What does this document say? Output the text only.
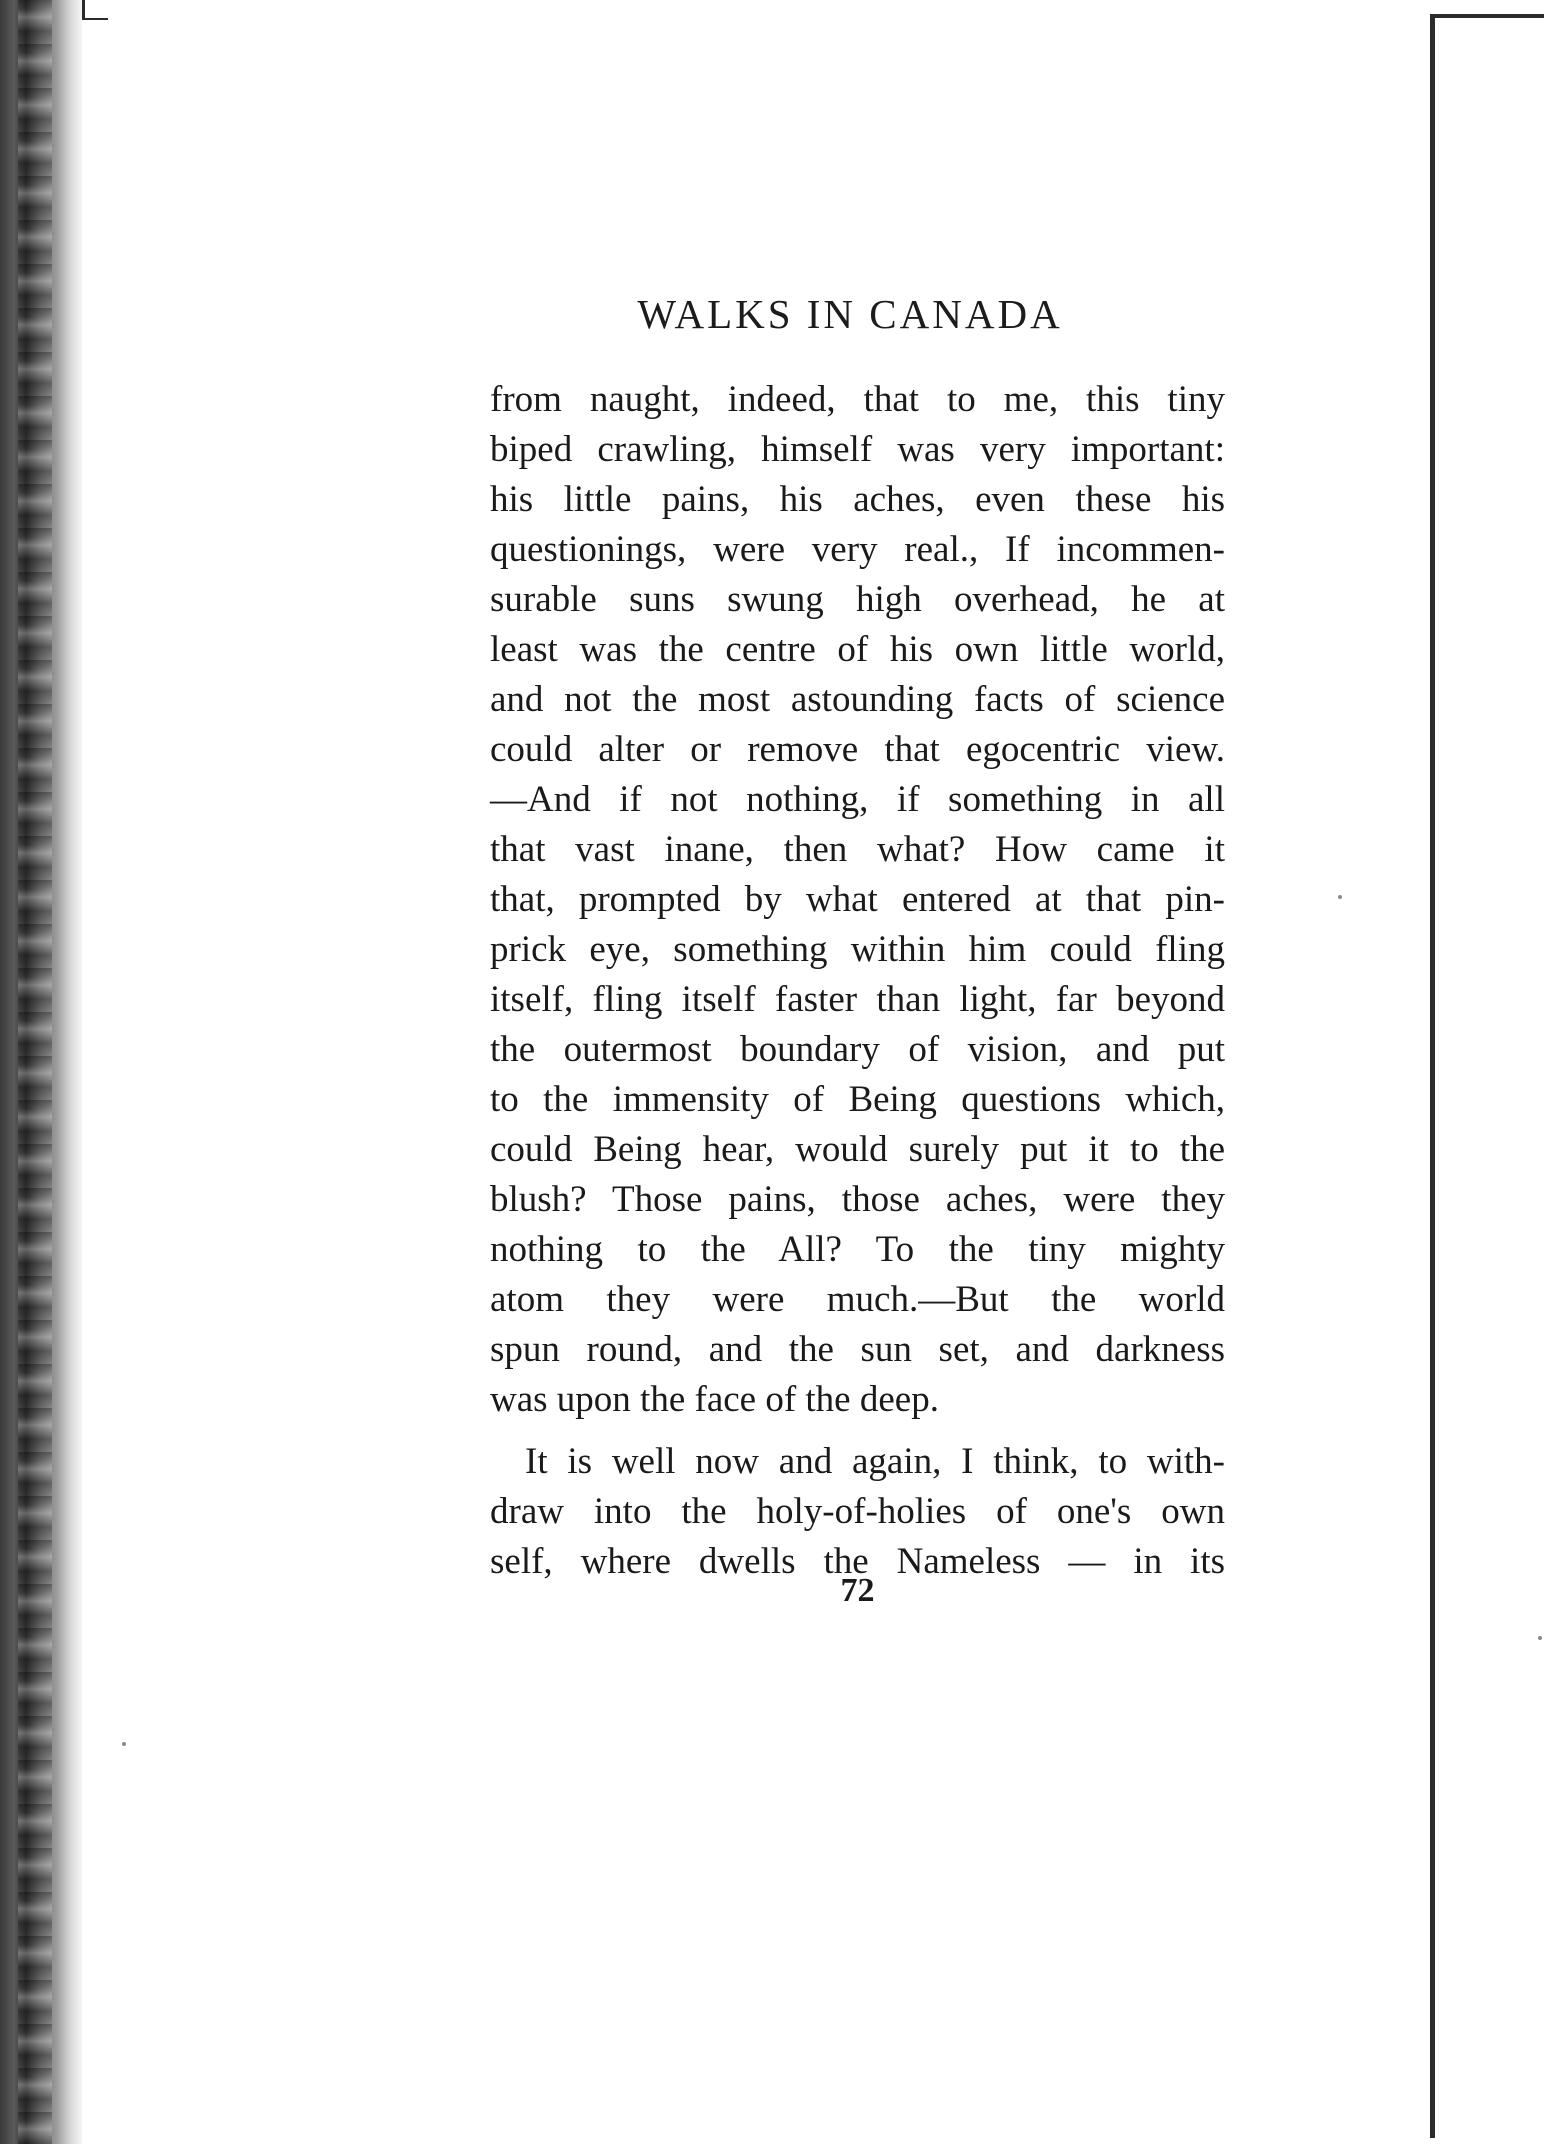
WALKS IN CANADA
from naught, indeed, that to me, this tiny
biped crawling, himself was very important:
his little pains, his aches, even these his
questionings, were very real., If incommen-
surable suns swung high overhead, he at
least was the centre of his own little world,
and not the most astounding facts of science
could alter or remove that egocentric view.
—And if not nothing, if something in all
that vast inane, then what? How came it
that, prompted by what entered at that pin-
prick eye, something within him could fling
itself, fling itself faster than light, far beyond
the outermost boundary of vision, and put
to the immensity of Being questions which,
could Being hear, would surely put it to the
blush? Those pains, those aches, were they
nothing to the All? To the tiny mighty
atom they were much.—But the world
spun round, and the sun set, and darkness
was upon the face of the deep.
It is well now and again, I think, to with-
draw into the holy-of-holies of one's own
self, where dwells the Nameless — in its
72
